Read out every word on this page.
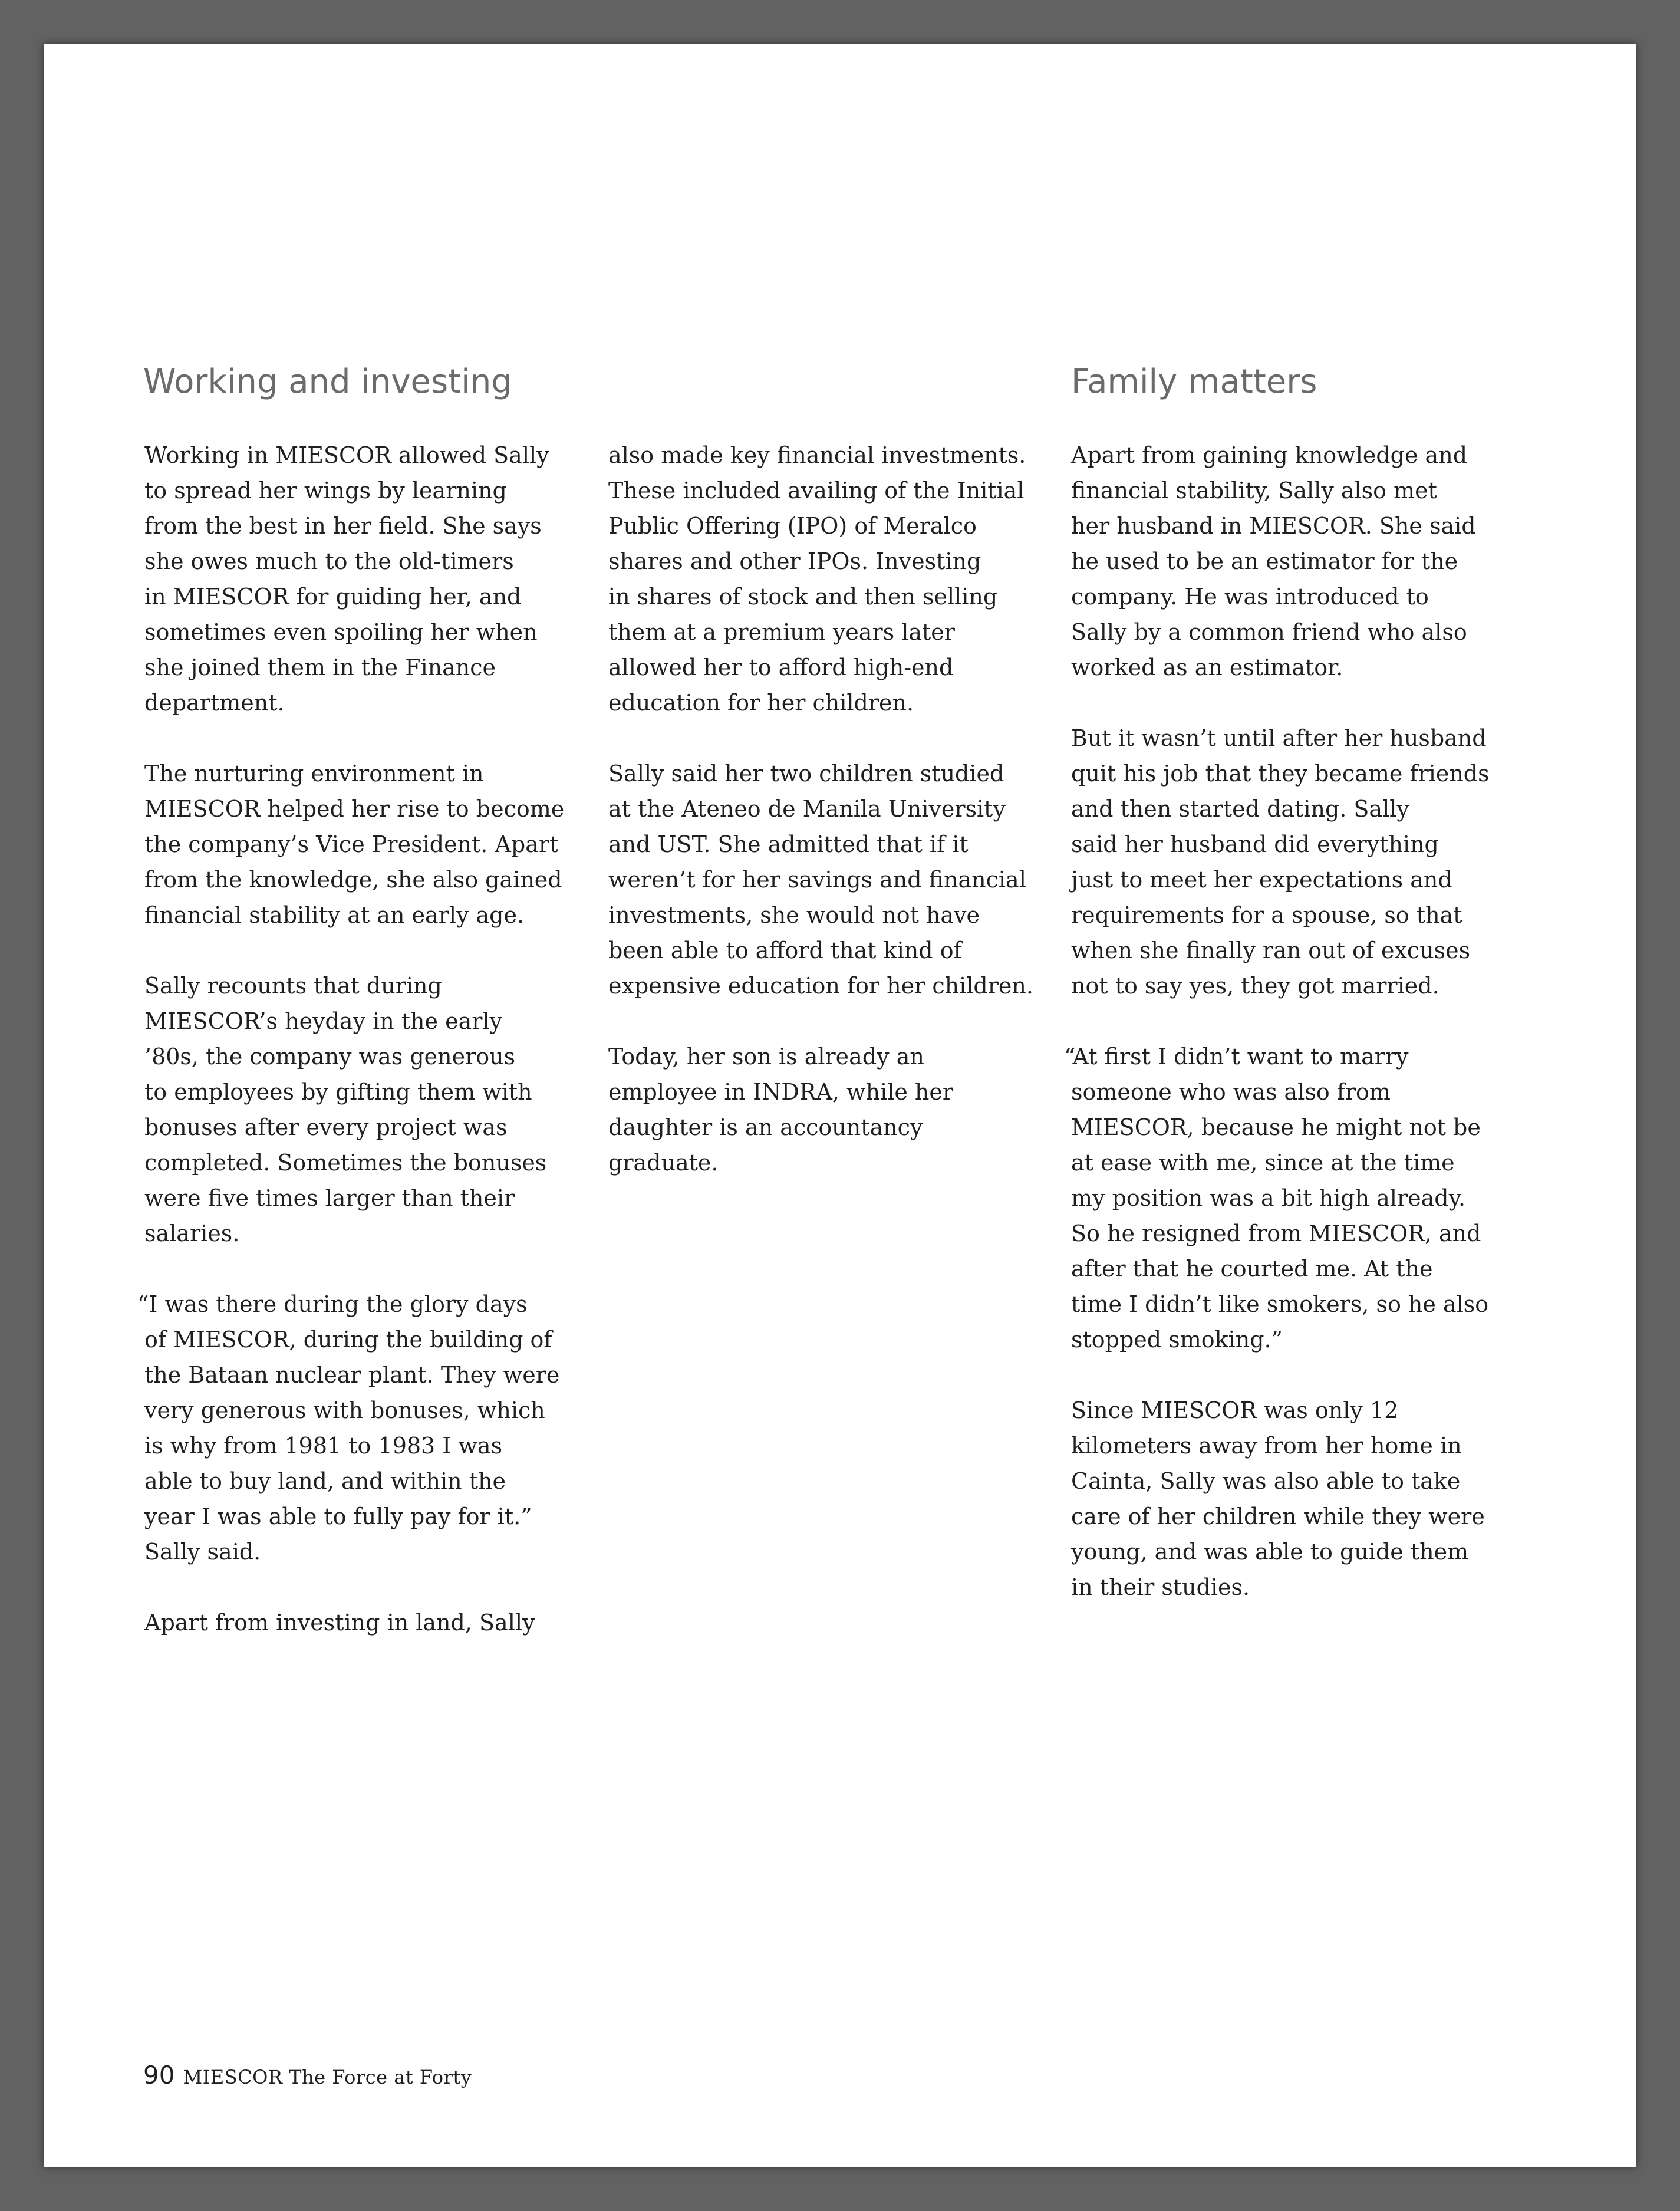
Working and investing	Family matters

Working in MIESCOR allowed Sally
to spread her wings by learning
from the best in her field. She says
she owes much to the old-timers
in MIESCOR for guiding her, and
sometimes even spoiling her when
she joined them in the Finance
department.

The nurturing environment in
MIESCOR helped her rise to become
the company’s Vice President. Apart
from the knowledge, she also gained
financial stability at an early age.

Sally recounts that during
MIESCOR’s heyday in the early
’80s, the company was generous
to employees by gifting them with
bonuses after every project was
completed. Sometimes the bonuses
were five times larger than their
salaries.

“I was there during the glory days
of MIESCOR, during the building of
the Bataan nuclear plant. They were
very generous with bonuses, which
is why from 1981 to 1983 I was
able to buy land, and within the
year I was able to fully pay for it.”
Sally said.

Apart from investing in land, Sally

also made key financial investments.
These included availing of the Initial
Public Offering (IPO) of Meralco
shares and other IPOs. Investing
in shares of stock and then selling
them at a premium years later
allowed her to afford high-end
education for her children.

Sally said her two children studied
at the Ateneo de Manila University
and UST. She admitted that if it
weren’t for her savings and financial
investments, she would not have
been able to afford that kind of
expensive education for her children.

Today, her son is already an
employee in INDRA, while her
daughter is an accountancy
graduate.

Apart from gaining knowledge and
financial stability, Sally also met
her husband in MIESCOR. She said
he used to be an estimator for the
company. He was introduced to
Sally by a common friend who also
worked as an estimator.

But it wasn’t until after her husband
quit his job that they became friends
and then started dating. Sally
said her husband did everything
just to meet her expectations and
requirements for a spouse, so that
when she finally ran out of excuses
not to say yes, they got married.

“At first I didn’t want to marry
someone who was also from
MIESCOR, because he might not be
at ease with me, since at the time
my position was a bit high already.
So he resigned from MIESCOR, and
after that he courted me. At the
time I didn’t like smokers, so he also
stopped smoking.”

Since MIESCOR was only 12
kilometers away from her home in
Cainta, Sally was also able to take
care of her children while they were
young, and was able to guide them
in their studies.

90 MIESCOR The Force at Forty
